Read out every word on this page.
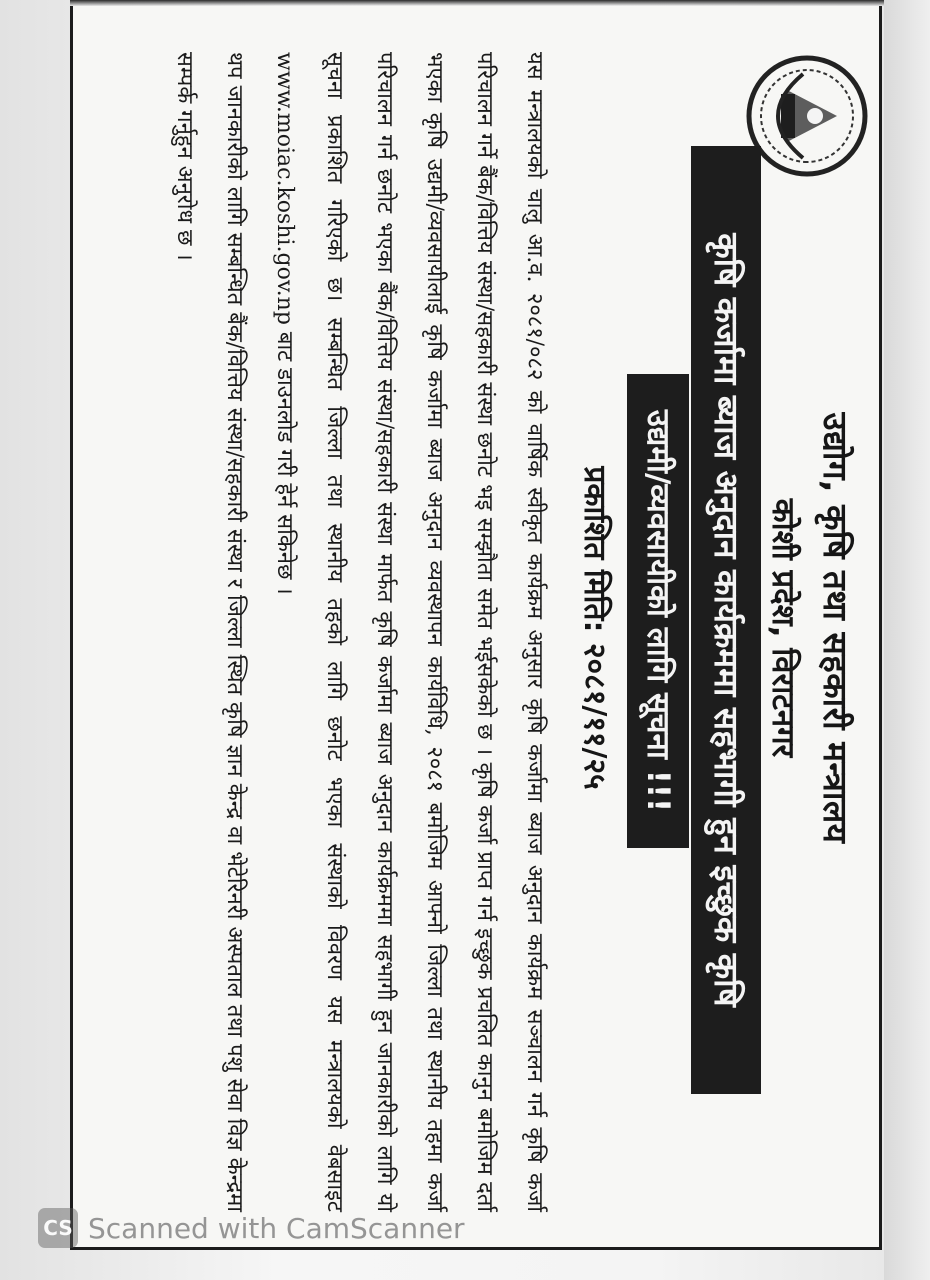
उद्योग, कृषि तथा सहकारी मन्त्रालय
कोशी प्रदेश, विराटनगर
कृषि कर्जामा ब्याज अनुदान कार्यक्रममा सहभागी हुन इच्छुक कृषि
उद्यमी/व्यवसायीको लागि सूचना !!!
प्रकाशित मिति: २०८१/११/२५

यस मन्त्रालयको चालु आ.व. २०८१/०८२ को वार्षिक स्वीकृत कार्यक्रम अनुसार कृषि कर्जामा ब्याज अनुदान कार्यक्रम सञ्चालन गर्न कृषि कर्जा परिचालन गर्ने बैंक/वित्तिय संस्था/सहकारी संस्था छनोट भइ सम्झौता समेत भईसकेको छ । कृषि कर्जा प्राप्त गर्न इच्छुक प्रचलित कानुन बमोजिम दर्ता भएका कृषि उद्यमी/व्यवसायीलाई कृषि कर्जामा ब्याज अनुदान व्यवस्थापन कार्यविधि, २०८१ बमोजिम आफ्नो जिल्ला तथा स्थानीय तहमा कर्जा परिचालन गर्न छनोट भएका बैंक/वित्तिय संस्था/सहकारी संस्था मार्फत कृषि कर्जामा ब्याज अनुदान कार्यक्रममा सहभागी हुन जानकारीको लागि यो सूचना प्रकाशित गरिएको छ। सम्बन्धित जिल्ला तथा स्थानीय तहको लागि छनोट भएका संस्थाको विवरण यस मन्त्रालयको वेबसाइट www.moiac.koshi.gov.np बाट डाउनलोड गरी हेर्न सकिनेछ ।

थप जानकारीको लागि सम्बन्धित बैंक/वित्तिय संस्था/सहकारी संस्था र जिल्ला स्थित कृषि ज्ञान केन्द्र वा भेटेरिनरी अस्पताल तथा पशु सेवा विज्ञ केन्द्रमा सम्पर्क गर्नुहुन अनुरोध छ ।

CS Scanned with CamScanner
